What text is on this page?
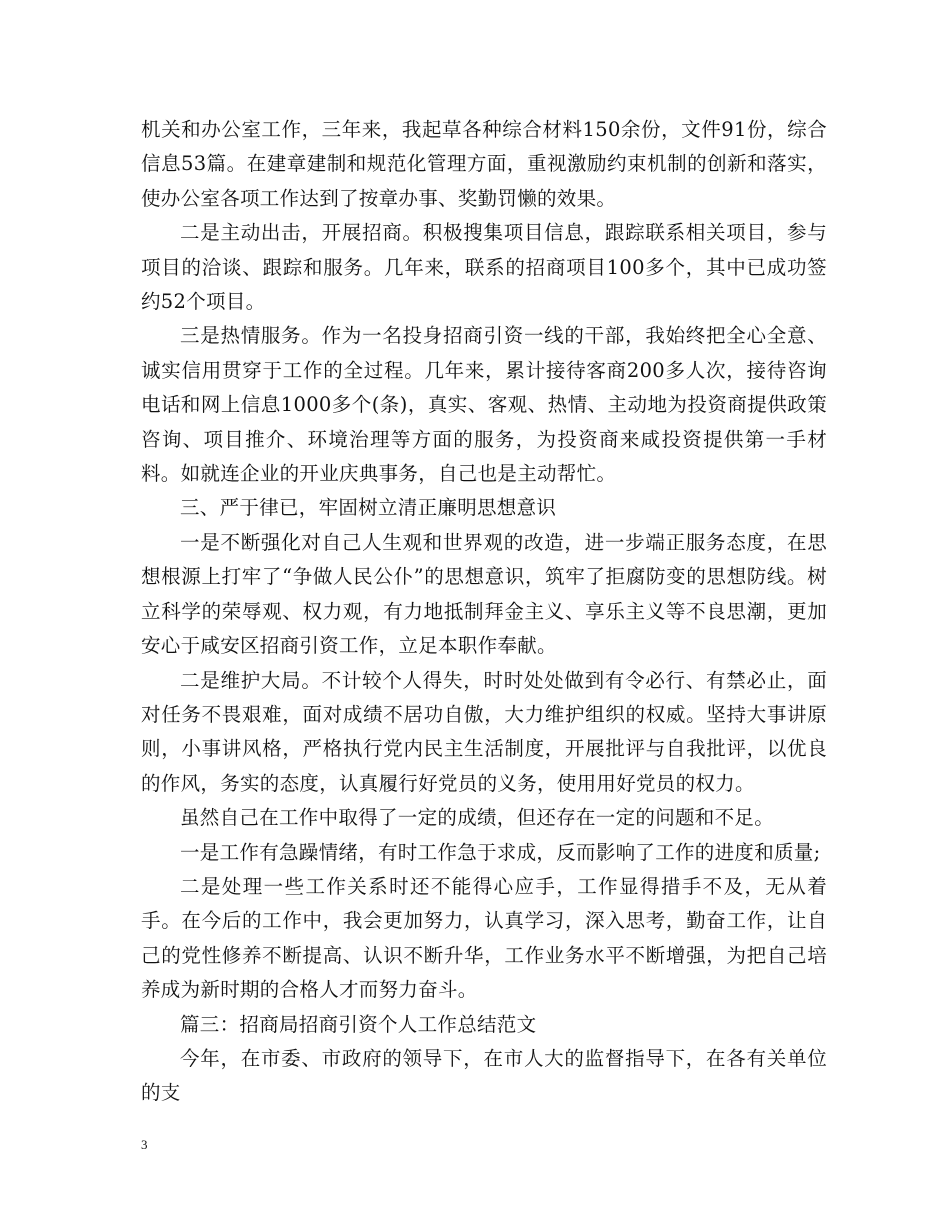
机关和办公室工作，三年来，我起草各种综合材料150余份，文件91份，综合信息53篇。在建章建制和规范化管理方面，重视激励约束机制的创新和落实，使办公室各项工作达到了按章办事、奖勤罚懒的效果。

二是主动出击，开展招商。积极搜集项目信息，跟踪联系相关项目，参与项目的洽谈、跟踪和服务。几年来，联系的招商项目100多个，其中已成功签约52个项目。

三是热情服务。作为一名投身招商引资一线的干部，我始终把全心全意、诚实信用贯穿于工作的全过程。几年来，累计接待客商200多人次，接待咨询电话和网上信息1000多个(条)，真实、客观、热情、主动地为投资商提供政策咨询、项目推介、环境治理等方面的服务，为投资商来咸投资提供第一手材料。如就连企业的开业庆典事务，自己也是主动帮忙。

三、严于律已，牢固树立清正廉明思想意识

一是不断强化对自己人生观和世界观的改造，进一步端正服务态度，在思想根源上打牢了“争做人民公仆”的思想意识，筑牢了拒腐防变的思想防线。树立科学的荣辱观、权力观，有力地抵制拜金主义、享乐主义等不良思潮，更加安心于咸安区招商引资工作，立足本职作奉献。

二是维护大局。不计较个人得失，时时处处做到有令必行、有禁必止，面对任务不畏艰难，面对成绩不居功自傲，大力维护组织的权威。坚持大事讲原则，小事讲风格，严格执行党内民主生活制度，开展批评与自我批评，以优良的作风，务实的态度，认真履行好党员的义务，使用用好党员的权力。

虽然自己在工作中取得了一定的成绩，但还存在一定的问题和不足。

一是工作有急躁情绪，有时工作急于求成，反而影响了工作的进度和质量;

二是处理一些工作关系时还不能得心应手，工作显得措手不及，无从着手。在今后的工作中，我会更加努力，认真学习，深入思考，勤奋工作，让自己的党性修养不断提高、认识不断升华，工作业务水平不断增强，为把自己培养成为新时期的合格人才而努力奋斗。

篇三：招商局招商引资个人工作总结范文

今年，在市委、市政府的领导下，在市人大的监督指导下，在各有关单位的支

3
